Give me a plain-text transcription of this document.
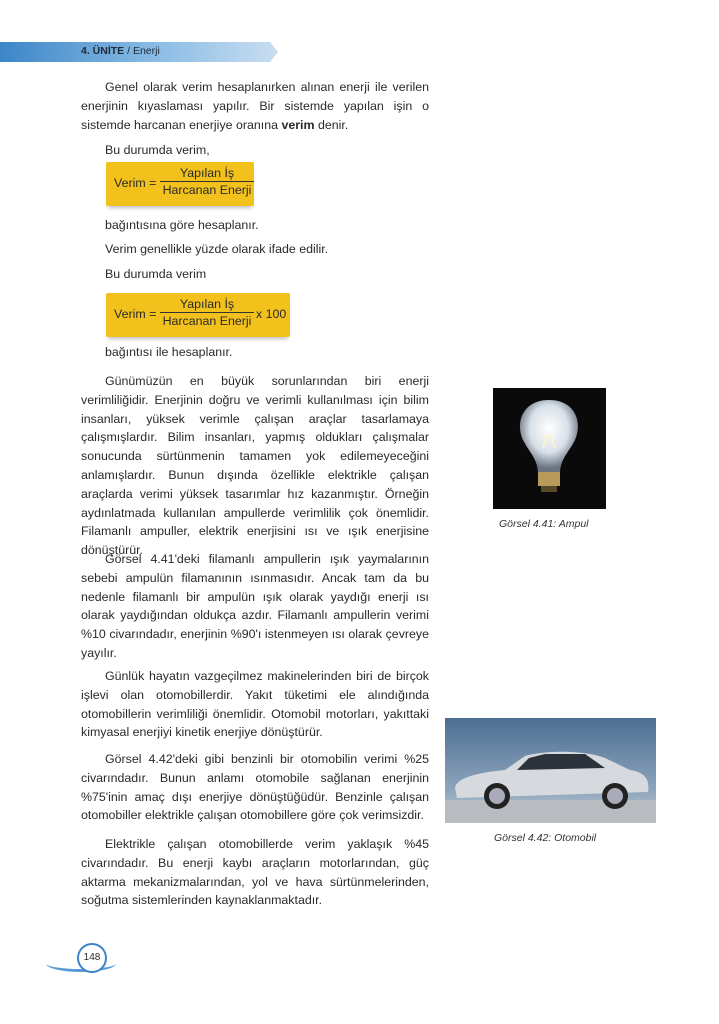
4. ÜNİTE / Enerji
Genel olarak verim hesaplanırken alınan enerji ile verilen enerjinin kıyaslaması yapılır. Bir sistemde yapılan işin o sistemde harcanan enerjiye oranına verim denir.
Bu durumda verim,
Verim =
Yapılan İş
Harcanan Enerji
bağıntısına göre hesaplanır.
Verim genellikle yüzde olarak ifade edilir.
Bu durumda verim
Verim =
Yapılan İş
Harcanan Enerji x 100
bağıntısı ile hesaplanır.
Günümüzün en büyük sorunlarından biri enerji verimliliğidir. Enerjinin doğru ve verimli kullanılması için bilim insanları, yüksek verimle çalışan araçlar tasarlamaya çalışmışlardır. Bilim insanları, yapmış oldukları çalışmalar sonucunda sürtünmenin tamamen yok edilemeyeceğini anlamışlardır. Bunun dışında özellikle elektrikle çalışan araçlarda verimi yüksek tasarımlar hız kazanmıştır. Örneğin aydınlatmada kullanılan ampullerde verimlilik çok önemlidir. Filamanlı ampuller, elektrik enerjisini ısı ve ışık enerjisine dönüştürür.
Görsel 4.41'deki filamanlı ampullerin ışık yaymalarının sebebi ampulün filamanının ısınmasıdır. Ancak tam da bu nedenle filamanlı bir ampulün ışık olarak yaydığı enerji ısı olarak yaydığından oldukça azdır. Filamanlı ampullerin verimi %10 civarındadır, enerjinin %90'ı istenmeyen ısı olarak çevreye yayılır.
Günlük hayatın vazgeçilmez makinelerinden biri de birçok işlevi olan otomobillerdir. Yakıt tüketimi ele alındığında otomobillerin verimliliği önemlidir. Otomobil motorları, yakıttaki kimyasal enerjiyi kinetik enerjiye dönüştürür.
Görsel 4.42'deki gibi benzinli bir otomobilin verimi %25 civarındadır. Bunun anlamı otomobile sağlanan enerjinin %75'inin amaç dışı enerjiye dönüştüğüdür. Benzinle çalışan otomobiller elektrikle çalışan otomobillere göre çok verimsizdir.
Elektrikle çalışan otomobillerde verim yaklaşık %45 civarındadır. Bu enerji kaybı araçların motorlarından, güç aktarma mekanizmalarından, yol ve hava sürtünmelerinden, soğutma sistemlerinden kaynaklanmaktadır.
Görsel 4.41: Ampul
Görsel 4.42: Otomobil
148
